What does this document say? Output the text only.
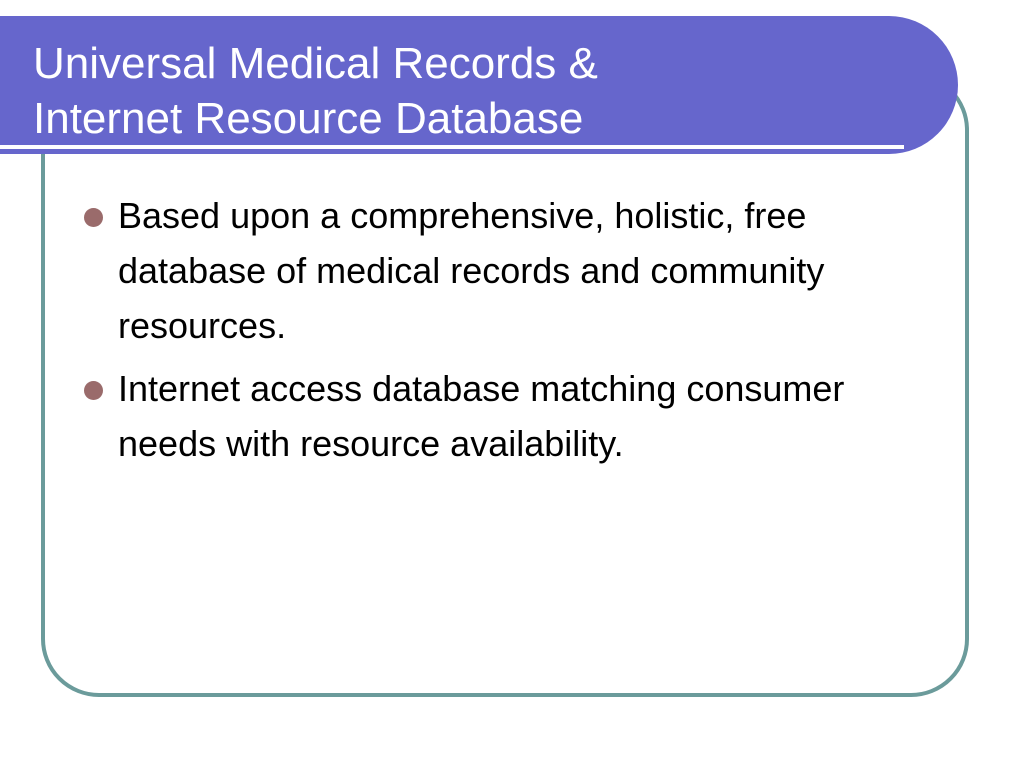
Universal Medical Records &
Internet Resource Database
Based upon a comprehensive, holistic, free database of medical records and community resources.
Internet access database matching consumer needs with resource availability.
